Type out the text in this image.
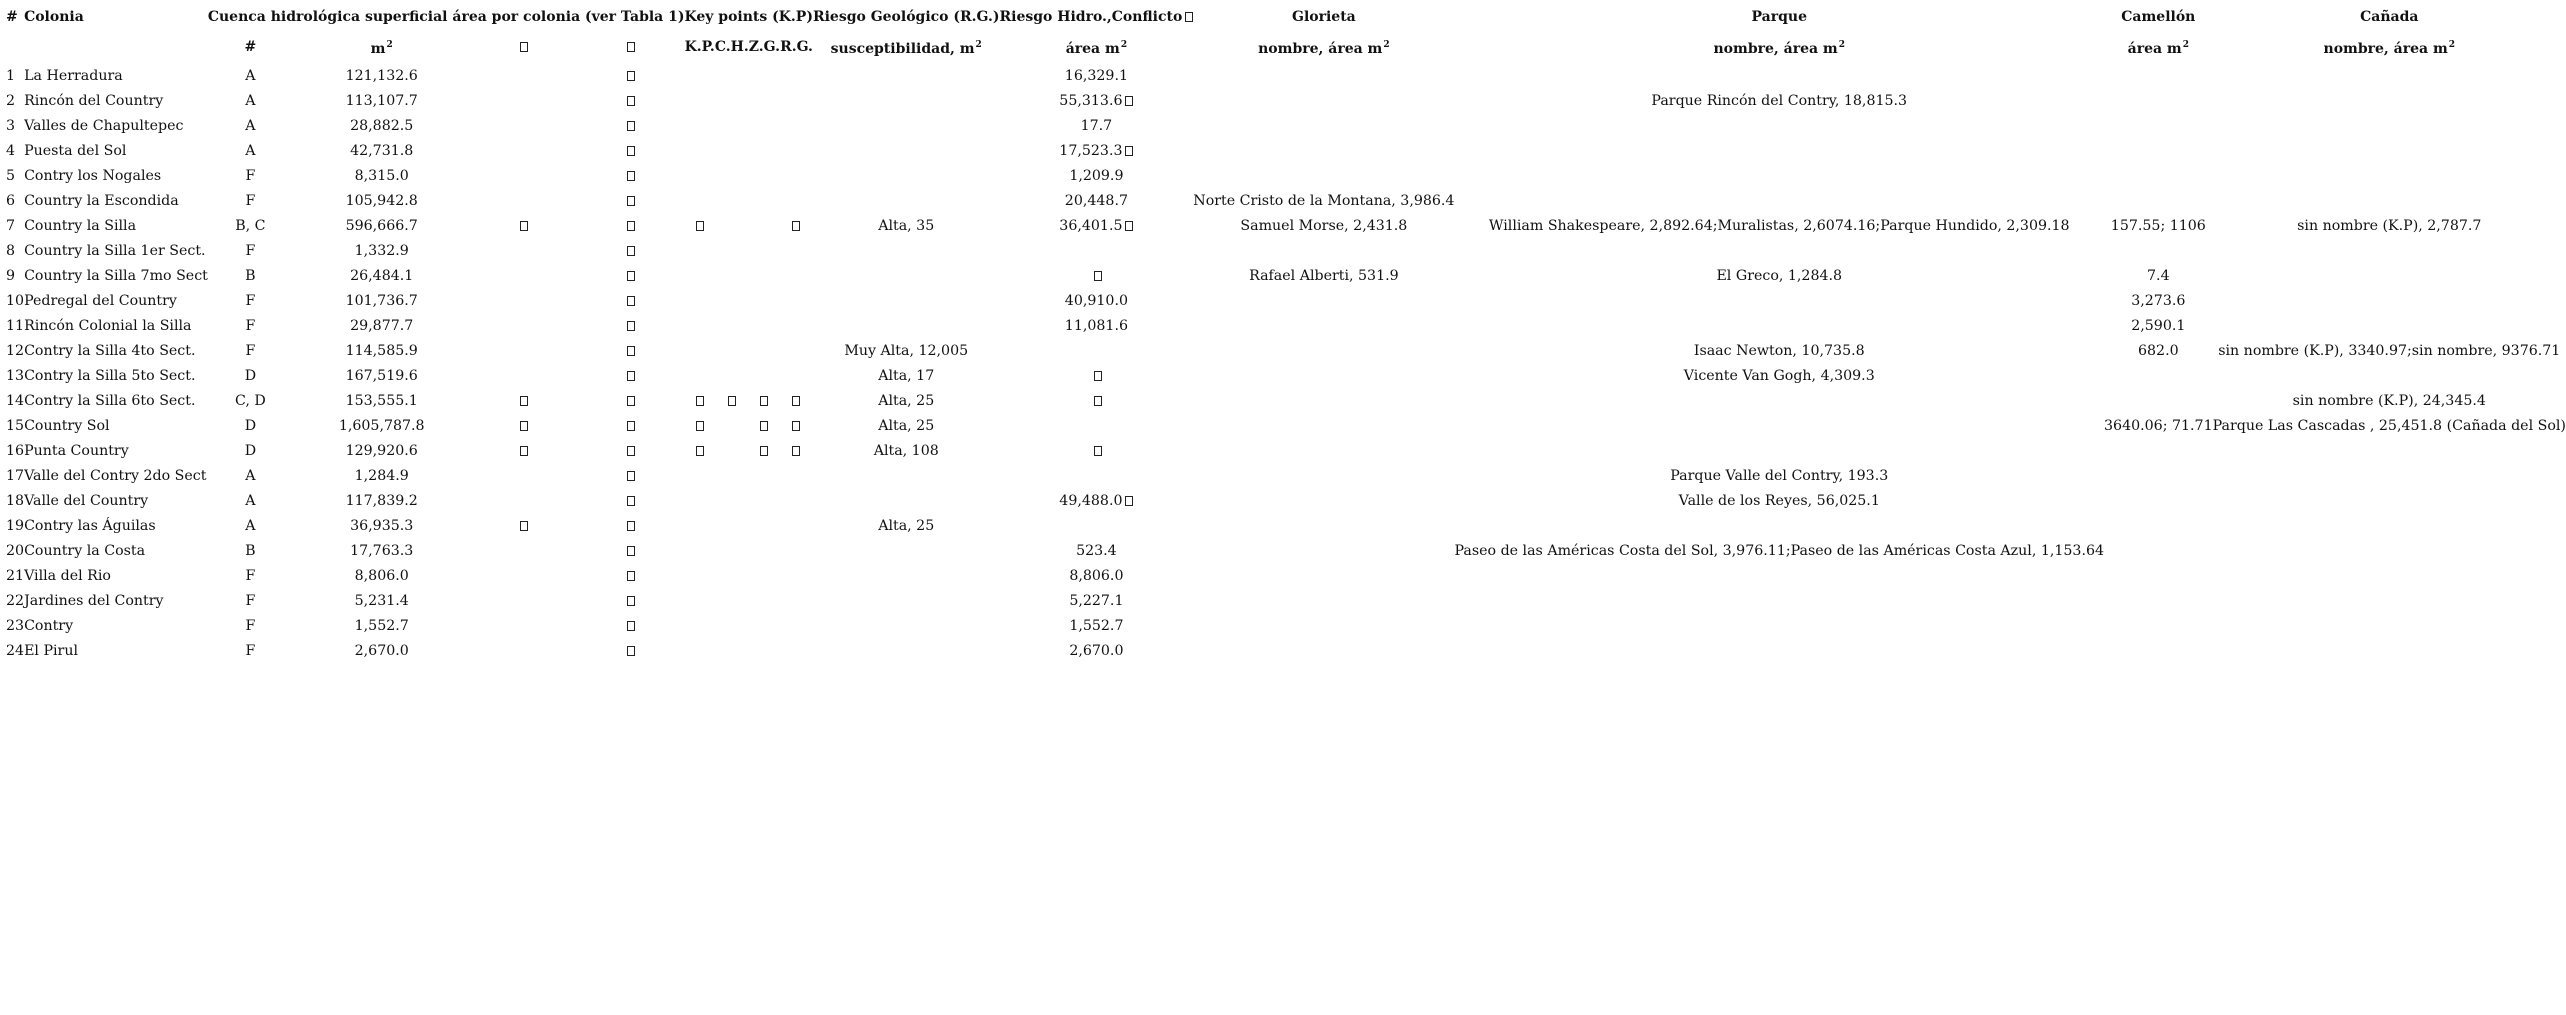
#	Colonia	Cuenca hidrológica superficial área por colonia (ver Tabla 1)				Key points (K.P)				Riesgo Geológico (R.G.)	Riesgo Hidro.,Conflicto	Glorieta	Parque	Camellón	Cañada
		#	$m^2$			K.P.	C.H.	Z.G.	R.G.	susceptibilidad, $m^2$	área $m^2$	nombre, área $m^2$	nombre, área $m^2$	área $m^2$	nombre, área $m^2$
1	La Herradura	A	121,132.6								16,329.1				
2	Rincón del Country	A	113,107.7								55,313.6		Parque Rincón del Contry, 18,815.3		
3	Valles de Chapultepec	A	28,882.5								17.7				
4	Puesta del Sol	A	42,731.8								17,523.3				
5	Contry los Nogales	F	8,315.0								1,209.9				
6	Country la Escondida	F	105,942.8								20,448.7	Norte Cristo de la Montana, 3,986.4			
7	Country la Silla	B, C	596,666.7							Alta, 35	36,401.5	Samuel Morse, 2,431.8	William Shakespeare, 2,892.64;Muralistas, 2,6074.16;Parque Hundido, 2,309.18	157.55; 1106	sin nombre (K.P), 2,787.7
8	Country la Silla 1er Sect.	F	1,332.9												
9	Country la Silla 7mo Sect	B	26,484.1									Rafael Alberti, 531.9	El Greco, 1,284.8	7.4	
10	Pedregal del Country	F	101,736.7								40,910.0			3,273.6	
11	Rincón Colonial la Silla	F	29,877.7								11,081.6			2,590.1	
12	Contry la Silla 4to Sect.	F	114,585.9							Muy Alta, 12,005			Isaac Newton, 10,735.8	682.0	sin nombre (K.P), 3340.97;sin nombre, 9376.71
13	Contry la Silla 5to Sect.	D	167,519.6							Alta, 17			Vicente Van Gogh, 4,309.3		
14	Contry la Silla 6to Sect.	C, D	153,555.1							Alta, 25					sin nombre (K.P), 24,345.4
15	Country Sol	D	1,605,787.8							Alta, 25				3640.06; 71.71	Parque Las Cascadas , 25,451.8 (Cañada del Sol)
16	Punta Country	D	129,920.6							Alta, 108					
17	Valle del Contry 2do Sect	A	1,284.9										Parque Valle del Contry, 193.3		
18	Valle del Country	A	117,839.2								49,488.0		Valle de los Reyes, 56,025.1		
19	Contry las Águilas	A	36,935.3							Alta, 25					
20	Country la Costa	B	17,763.3								523.4		Paseo de las Américas Costa del Sol, 3,976.11;Paseo de las Américas Costa Azul, 1,153.64		
21	Villa del Rio	F	8,806.0								8,806.0				
22	Jardines del Contry	F	5,231.4								5,227.1				
23	Contry	F	1,552.7								1,552.7				
24	El Pirul	F	2,670.0								2,670.0				
